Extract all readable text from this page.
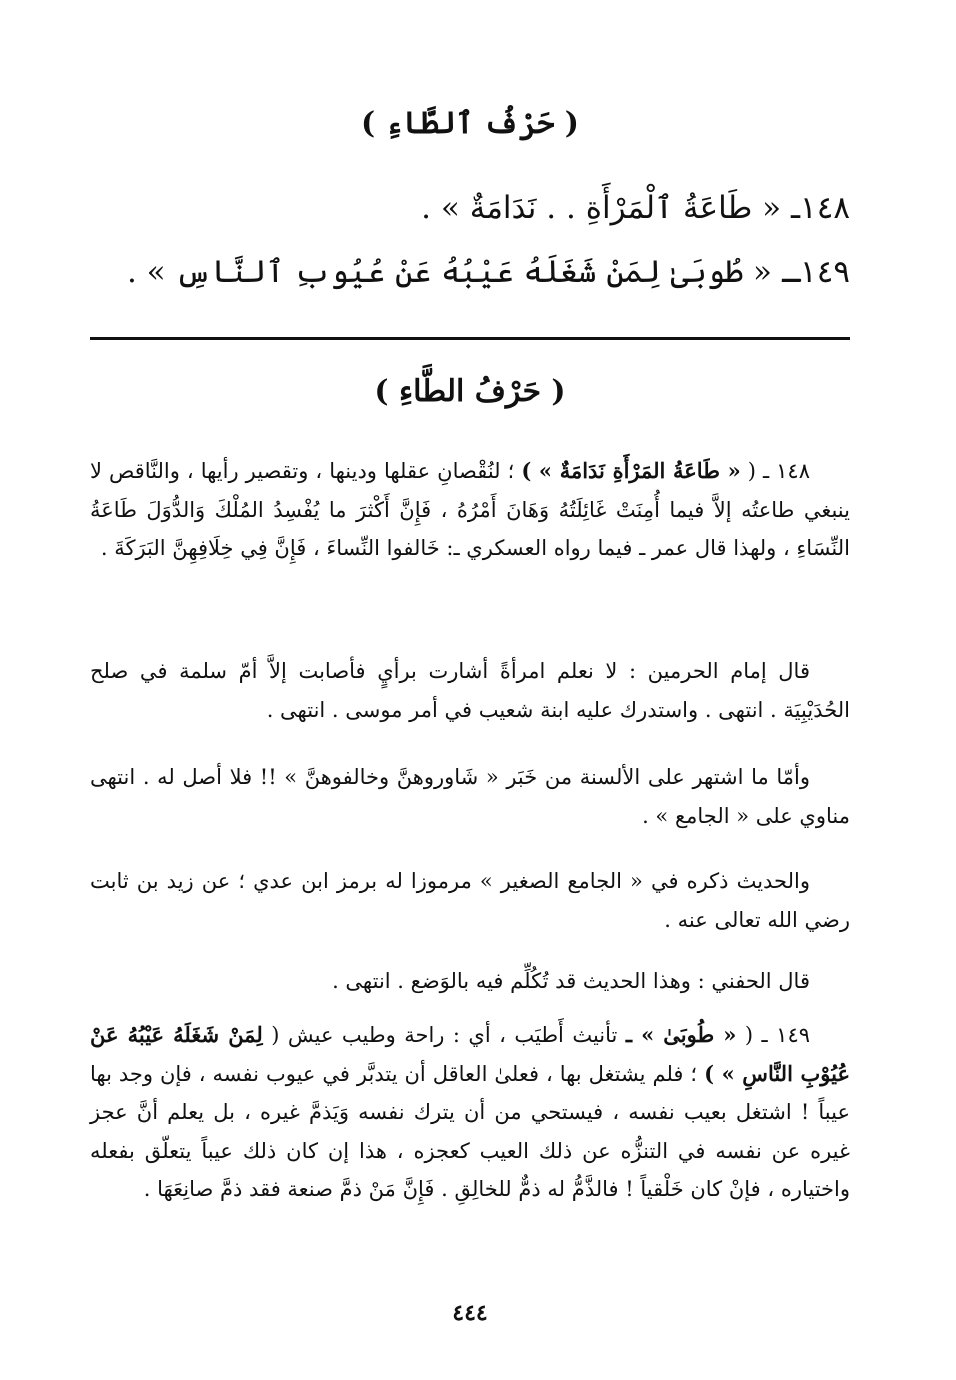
( حَرْفُ ٱلطَّاءِ )
١٤٨ـ « طَاعَةُ ٱلْمَرْأَةِ . . نَدَامَةٌ » .
١٤٩ـ « طُوبَىٰ لِمَنْ شَغَلَهُ عَيْبُهُ عَنْ عُيُوبِ ٱلنَّاسِ » .
( حَرْفُ الطَّاءِ )
١٤٨ ـ ( « طَاعَةُ المَرْأَةِ نَدَامَةٌ » ) ؛ لنُقْصانِ عقلها ودينها ، وتقصير رأيها ، والنَّاقص لا ينبغي طاعتُه إلاَّ فيما أُمِنَتْ غَائِلَتُهُ وَهَانَ أَمْرُهُ ، فَإِنَّ أَكْثرَ ما يُفْسِدُ المُلْكَ وَالدُّوَلَ طَاعَةُ النِّسَاءِ ، ولهذا قال عمر ـ فيما رواه العسكري ـ: خَالفوا النِّساءَ ، فَإِنَّ فِي خِلَافِهِنَّ البَرَكَةَ .
قال إمام الحرمين : لا نعلم امرأةً أشارت برأيٍ فأصابت إلاَّ أمّ سلمة في صلح الحُدَيْبِيَة . انتهى . واستدرك عليه ابنة شعيب في أمر موسى . انتهى .
وأمّا ما اشتهر على الألسنة من خَبَر « شَاوروهنَّ وخالفوهنَّ » !! فلا أصل له . انتهى مناوي على « الجامع » .
والحديث ذكره في « الجامع الصغير » مرموزا له برمز ابن عدي ؛ عن زيد بن ثابت رضي الله تعالى عنه .
قال الحفني : وهذا الحديث قد تُكُلِّم فيه بالوَضع . انتهى .
١٤٩ ـ ( « طُوبَىٰ » ـ تأنيث أَطيَب ، أي : راحة وطيب عيش ( لِمَنْ شَغَلَهُ عَيْبُهُ عَنْ عُيُوْبِ النَّاسِ » ) ؛ فلم يشتغل بها ، فعلىٰ العاقل أن يتدبَّر في عيوب نفسه ، فإن وجد بها عيباً ! اشتغل بعيب نفسه ، فيستحي من أن يترك نفسه وَيَذمَّ غيره ، بل يعلم أنَّ عجز غيره عن نفسه في التنزُّه عن ذلك العيب كعجزه ، هذا إن كان ذلك عيباً يتعلّق بفعله واختياره ، فإنْ كان خَلْقياً ! فالذَّمُّ له ذمٌّ للخالِقِ . فَإِنَّ مَنْ ذمَّ صنعة فقد ذمَّ صانِعَهَا .
٤٤٤
